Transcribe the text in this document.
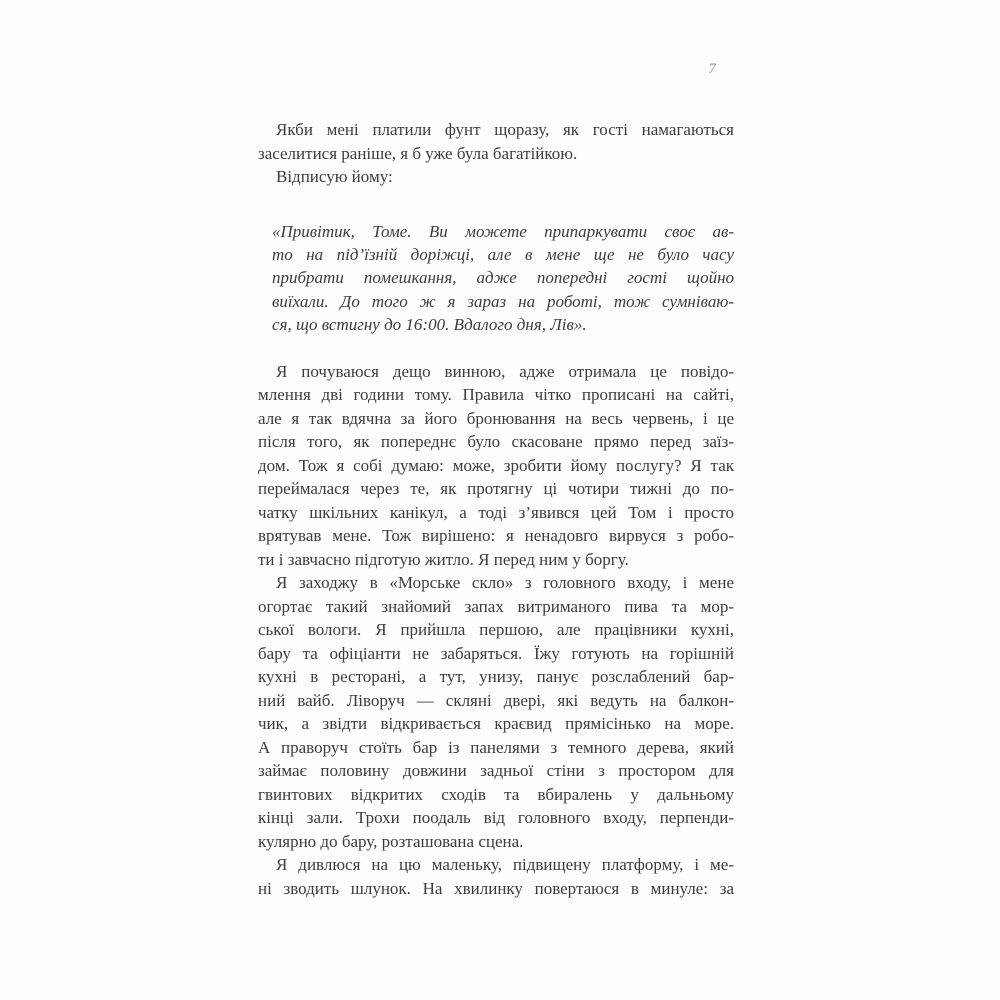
7
Якби мені платили фунт щоразу, як гості намагаються
заселитися раніше, я б уже була багатійкою.
Відписую йому:
«Привітик, Томе. Ви можете припаркувати своє ав-
то на під’їзній доріжці, але в мене ще не було часу
прибрати помешкання, адже попередні гості щойно
виїхали. До того ж я зараз на роботі, тож сумніваю-
ся, що встигну до 16:00. Вдалого дня, Лів».
Я почуваюся дещо винною, адже отримала це повідо-
млення дві години тому. Правила чітко прописані на сайті,
але я так вдячна за його бронювання на весь червень, і це
після того, як попереднє було скасоване прямо перед заїз-
дом. Тож я собі думаю: може, зробити йому послугу? Я так
переймалася через те, як протягну ці чотири тижні до по-
чатку шкільних канікул, а тоді з’явився цей Том і просто
врятував мене. Тож вирішено: я ненадовго вирвуся з робо-
ти і завчасно підготую житло. Я перед ним у боргу.
Я заходжу в «Морське скло» з головного входу, і мене
огортає такий знайомий запах витриманого пива та мор-
ської вологи. Я прийшла першою, але працівники кухні,
бару та офіціанти не забаряться. Їжу готують на горішній
кухні в ресторані, а тут, унизу, панує розслаблений бар-
ний вайб. Ліворуч — скляні двері, які ведуть на балкон-
чик, а звідти відкривається краєвид прямісінько на море.
А праворуч стоїть бар із панелями з темного дерева, який
займає половину довжини задньої стіни з простором для
гвинтових відкритих сходів та вбиралень у дальньому
кінці зали. Трохи поодаль від головного входу, перпенди-
кулярно до бару, розташована сцена.
Я дивлюся на цю маленьку, підвищену платформу, і ме-
ні зводить шлунок. На хвилинку повертаюся в минуле: за
